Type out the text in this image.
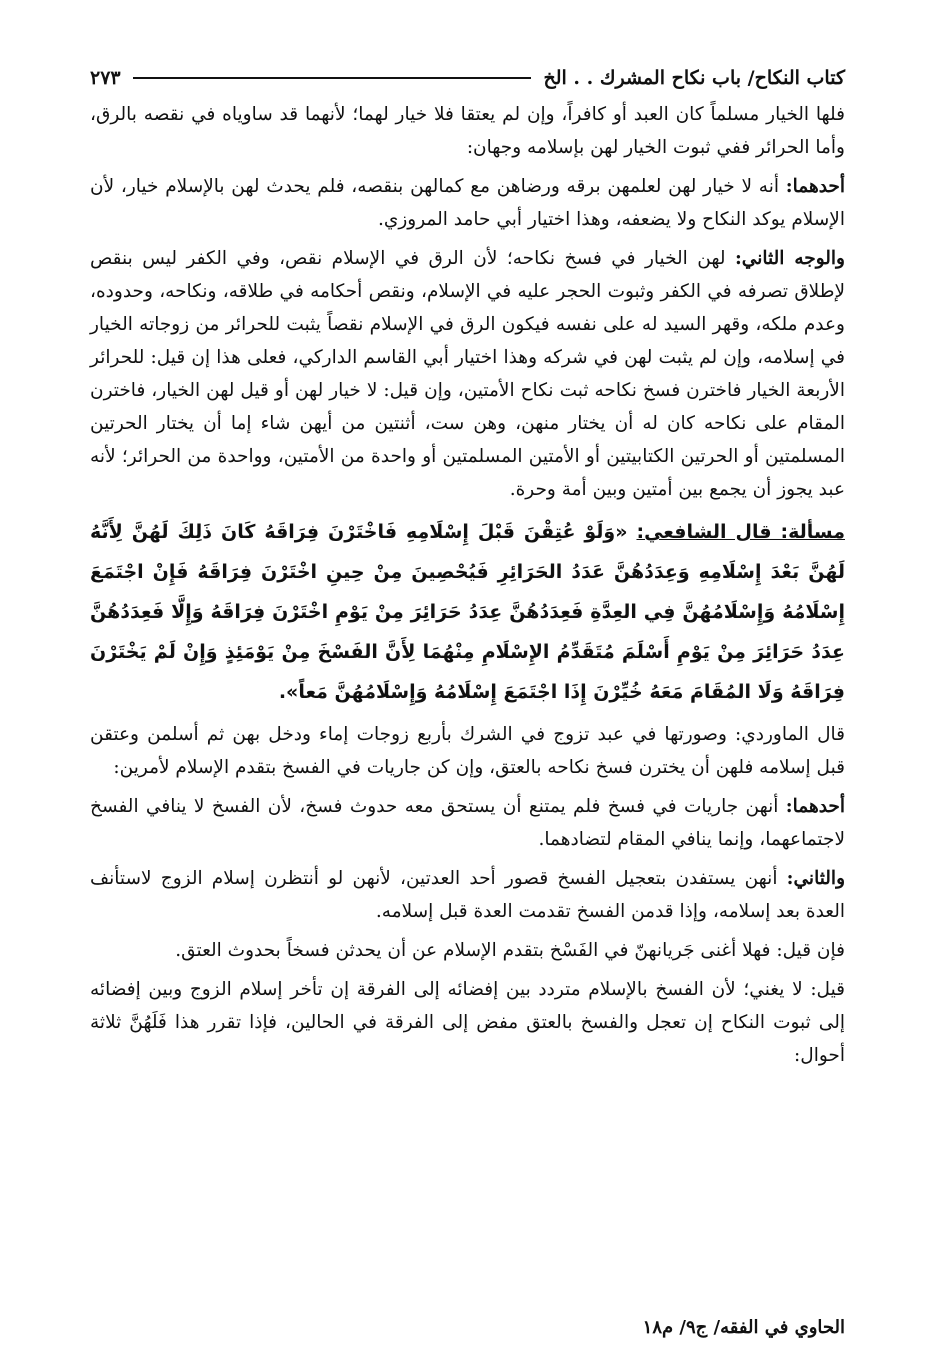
كتاب النكاح/ باب نكاح المشرك . . الخ
٢٧٣

فلها الخيار مسلماً كان العبد أو كافراً، وإن لم يعتقا فلا خيار لهما؛ لأنهما قد ساوياه في نقصه بالرق، وأما الحرائر ففي ثبوت الخيار لهن بإسلامه وجهان:

أحدهما: أنه لا خيار لهن لعلمهن برقه ورضاهن مع كمالهن بنقصه، فلم يحدث لهن بالإسلام خيار، لأن الإسلام يوكد النكاح ولا يضعفه، وهذا اختيار أبي حامد المروزي.

والوجه الثاني: لهن الخيار في فسخ نكاحه؛ لأن الرق في الإسلام نقص، وفي الكفر ليس بنقص لإطلاق تصرفه في الكفر وثبوت الحجر عليه في الإسلام، ونقص أحكامه في طلاقه، ونكاحه، وحدوده، وعدم ملكه، وقهر السيد له على نفسه فيكون الرق في الإسلام نقصاً يثبت للحرائر من زوجاته الخيار في إسلامه، وإن لم يثبت لهن في شركه وهذا اختيار أبي القاسم الداركي، فعلى هذا إن قيل: للحرائر الأربعة الخيار فاخترن فسخ نكاحه ثبت نكاح الأمتين، وإن قيل: لا خيار لهن أو قيل لهن الخيار، فاخترن المقام على نكاحه كان له أن يختار منهن، وهن ست، أثنتين من أيهن شاء إما أن يختار الحرتين المسلمتين أو الحرتين الكتابيتين أو الأمتين المسلمتين أو واحدة من الأمتين، وواحدة من الحرائر؛ لأنه عبد يجوز أن يجمع بين أمتين وبين أمة وحرة.

مسألة: قال الشافعي: «وَلَوْ عُتِقْنَ قَبْلَ إِسْلَامِهِ فَاخْتَرْنَ فِرَاقَهُ كَانَ ذَلِكَ لَهُنَّ لِأَنَّهُ لَهُنَّ بَعْدَ إِسْلَامِهِ وَعِدَدُهُنَّ عَدَدُ الحَرَائِرِ فَيُحْصِينَ مِنْ حِينِ اخْتَرْنَ فِرَاقَهُ فَإِنْ اجْتَمَعَ إِسْلَامُهُ وَإِسْلَامُهُنَّ فِي العِدَّةِ فَعِدَدُهُنَّ عِدَدُ حَرَائِرَ مِنْ يَوْمِ اخْتَرْنَ فِرَاقَهُ وَإِلَّا فَعِدَدُهُنَّ عِدَدُ حَرَائِرَ مِنْ يَوْمِ أَسْلَمَ مُتَقَدِّمُ الإِسْلَامِ مِنْهُمَا لِأَنَّ الفَسْخَ مِنْ يَوْمَئِذٍ وَإِنْ لَمْ يَخْتَرْنَ فِرَاقَهُ وَلَا المُقَامَ مَعَهُ خُيِّرْنَ إِذَا اجْتَمَعَ إِسْلَامُهُ وَإِسْلَامُهُنَّ مَعاً».

قال الماوردي: وصورتها في عبد تزوج في الشرك بأربع زوجات إماء ودخل بهن ثم أسلمن وعتقن قبل إسلامه فلهن أن يخترن فسخ نكاحه بالعتق، وإن كن جاريات في الفسخ بتقدم الإسلام لأمرين:

أحدهما: أنهن جاريات في فسخ فلم يمتنع أن يستحق معه حدوث فسخ، لأن الفسخ لا ينافي الفسخ لاجتماعهما، وإنما ينافي المقام لتضادهما.

والثاني: أنهن يستفدن بتعجيل الفسخ قصور أحد العدتين، لأنهن لو أنتظرن إسلام الزوج لاستأنف العدة بعد إسلامه، وإذا قدمن الفسخ تقدمت العدة قبل إسلامه.

فإن قيل: فهلا أغنى جَريانهنّ في الفَسْخ بتقدم الإسلام عن أن يحدثن فسخاً بحدوث العتق.

قيل: لا يغني؛ لأن الفسخ بالإسلام متردد بين إفضائه إلى الفرقة إن تأخر إسلام الزوج وبين إفضائه إلى ثبوت النكاح إن تعجل والفسخ بالعتق مفض إلى الفرقة في الحالين، فإذا تقرر هذا فَلَهُنَّ ثلاثة أحوال:

الحاوي في الفقه/ ج٩/ م١٨
